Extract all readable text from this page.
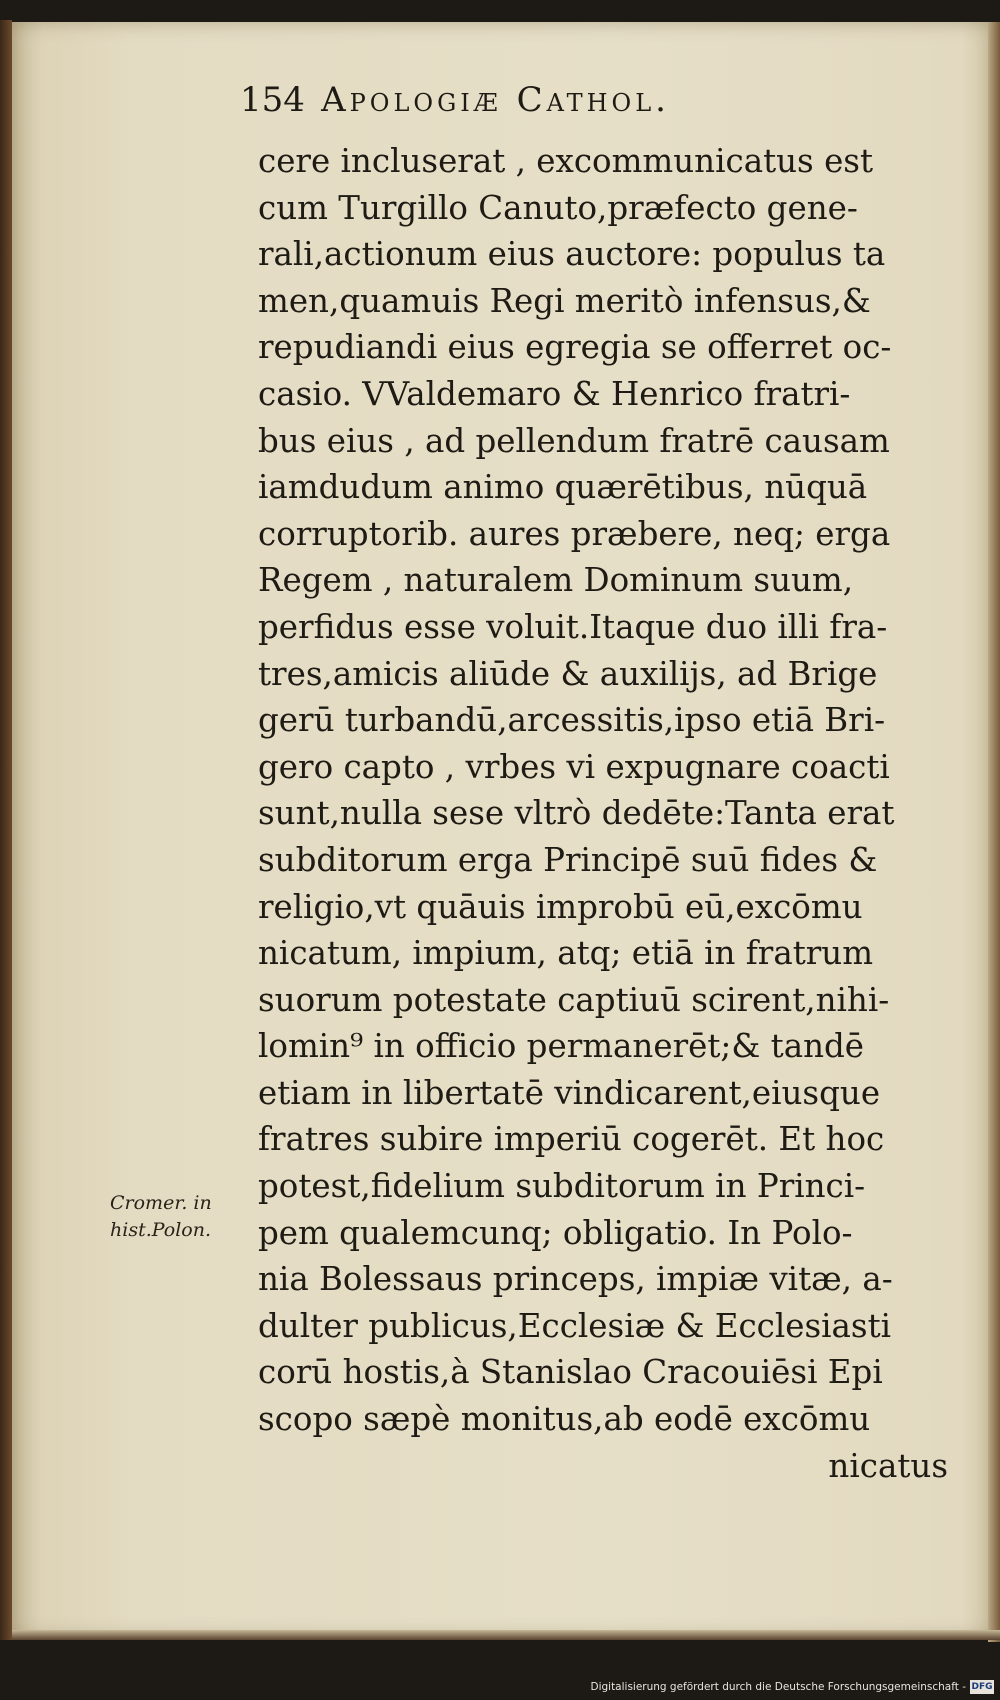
154 Apologiæ Cathol.
cere incluserat , excommunicatus est
cum Turgillo Canuto,præfecto gene-
rali,actionum eius auctore: populus ta
men,quamuis Regi meritò infensus,&
repudiandi eius egregia se offerret oc-
casio. VValdemaro & Henrico fratri-
bus eius , ad pellendum fratrē causam
iamdudum animo quærētibus, nūquā
corruptorib. aures præbere, neq; erga
Regem , naturalem Dominum suum,
perfidus esse voluit.Itaque duo illi fra-
tres,amicis aliūde & auxilijs, ad Brige
gerū turbandū,arcessitis,ipso etiā Bri-
gero capto , vrbes vi expugnare coacti
sunt,nulla sese vltrò dedēte:Tanta erat
subditorum erga Principē suū fides &
religio,vt quāuis improbū eū,excōmu
nicatum, impium, atq; etiā in fratrum
suorum potestate captiuū scirent,nihi-
lomin⁹ in officio permanerēt;& tandē
etiam in libertatē vindicarent,eiusque
fratres subire imperiū cogerēt. Et hoc
potest,fidelium subditorum in Princi-
pem qualemcunq; obligatio. In Polo-
nia Bolessaus princeps, impiæ vitæ, a-
dulter publicus,Ecclesiæ & Ecclesiasti
corū hostis,à Stanislao Cracouiēsi Epi
scopo sæpè monitus,ab eodē excōmu
nicatus
Cromer. in
hist.Polon.
Digitalisierung gefördert durch die Deutsche Forschungsgemeinschaft - DFG
